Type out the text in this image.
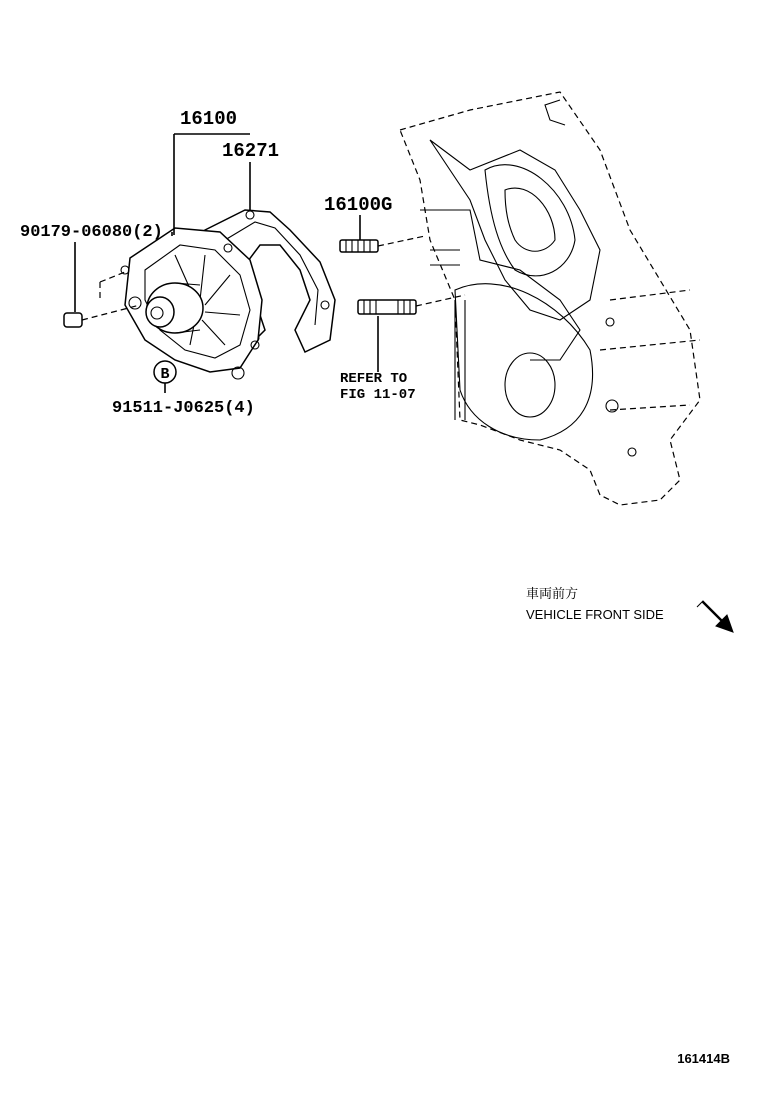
16100
16271
16100G
90179-06080(2)
B
91511-J0625(4)
REFER TO
FIG 11-07
車両前方
VEHICLE FRONT SIDE
161414B
